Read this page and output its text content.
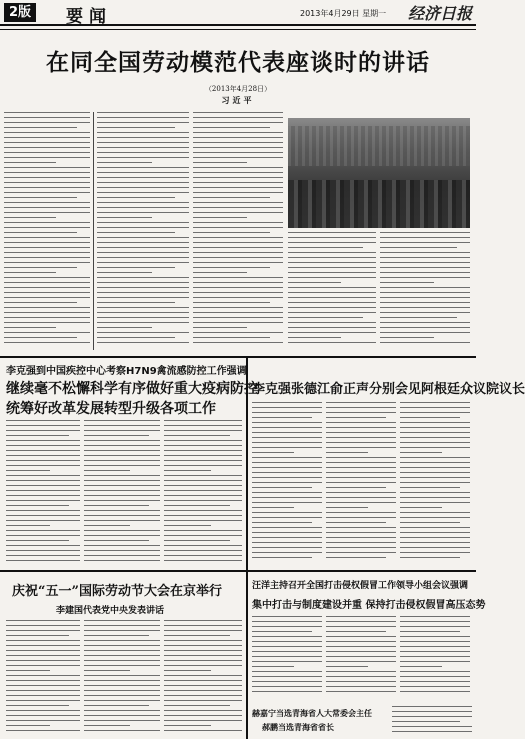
2版 要闻	2013年4月29日 星期一 经济日报
在同全国劳动模范代表座谈时的讲话
（2013年4月28日）
习近平
李克强到中国疾控中心考察H7N9禽流感防控工作强调
继续毫不松懈科学有序做好重大疫病防控
统筹好改革发展转型升级各项工作
李克强张德江俞正声分别会见阿根廷众议院议长
庆祝“五一”国际劳动节大会在京举行
李建国代表党中央发表讲话
汪洋主持召开全国打击侵权假冒工作领导小组会议强调
集中打击与制度建设并重 保持打击侵权假冒高压态势
赫嘉宁当选青海省人大常委会主任
郝鹏当选青海省省长
